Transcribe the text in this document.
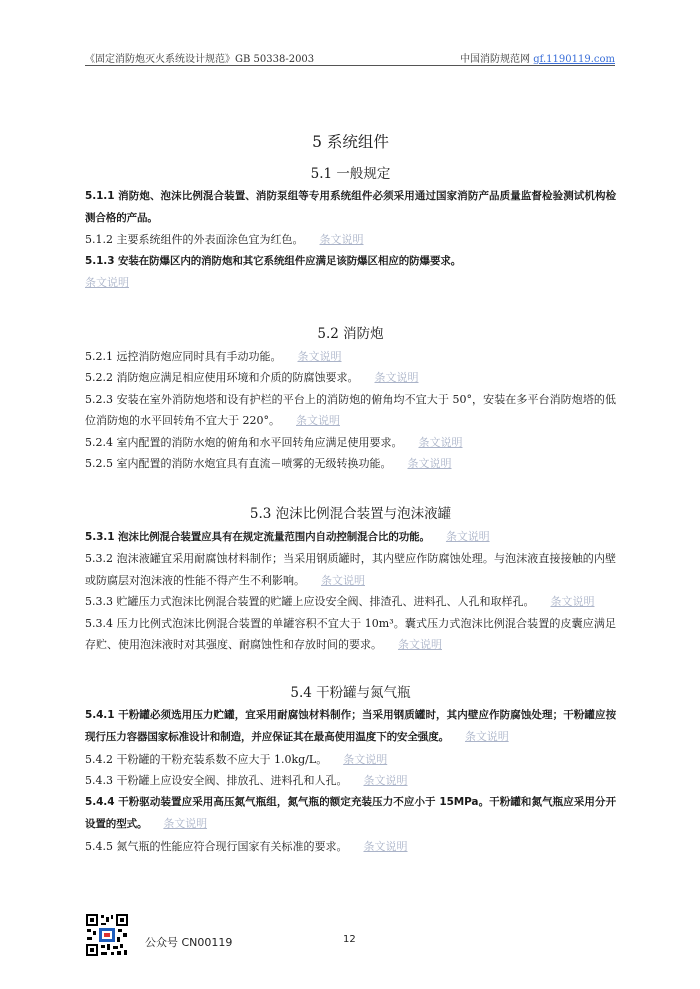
《固定消防炮灭火系统设计规范》GB 50338-2003	中国消防规范网 gf.1190119.com
5 系统组件
5.1 一般规定

5.1.1 消防炮、泡沫比例混合装置、消防泵组等专用系统组件必须采用通过国家消防产品质量监督检验测试机构检测合格的产品。

5.1.2 主要系统组件的外表面涂色宜为红色。 条文说明

5.1.3 安装在防爆区内的消防炮和其它系统组件应满足该防爆区相应的防爆要求。

条文说明

5.2 消防炮

5.2.1 远控消防炮应同时具有手动功能。 条文说明

5.2.2 消防炮应满足相应使用环境和介质的防腐蚀要求。 条文说明

5.2.3 安装在室外消防炮塔和设有护栏的平台上的消防炮的俯角均不宜大于 50°，安装在多平台消防炮塔的低位消防炮的水平回转角不宜大于 220°。 条文说明

5.2.4 室内配置的消防水炮的俯角和水平回转角应满足使用要求。 条文说明

5.2.5 室内配置的消防水炮宜具有直流－喷雾的无级转换功能。 条文说明

5.3 泡沫比例混合装置与泡沫液罐

5.3.1 泡沫比例混合装置应具有在规定流量范围内自动控制混合比的功能。 条文说明

5.3.2 泡沫液罐宜采用耐腐蚀材料制作；当采用钢质罐时，其内壁应作防腐蚀处理。与泡沫液直接接触的内壁或防腐层对泡沫液的性能不得产生不利影响。 条文说明

5.3.3 贮罐压力式泡沫比例混合装置的贮罐上应设安全阀、排渣孔、进料孔、人孔和取样孔。 条文说明

5.3.4 压力比例式泡沫比例混合装置的单罐容积不宜大于 10m³。囊式压力式泡沫比例混合装置的皮囊应满足存贮、使用泡沫液时对其强度、耐腐蚀性和存放时间的要求。 条文说明

5.4 干粉罐与氮气瓶

5.4.1 干粉罐必须选用压力贮罐，宜采用耐腐蚀材料制作；当采用钢质罐时，其内壁应作防腐蚀处理；干粉罐应按现行压力容器国家标准设计和制造，并应保证其在最高使用温度下的安全强度。 条文说明

5.4.2 干粉罐的干粉充装系数不应大于 1.0kg/L。 条文说明

5.4.3 干粉罐上应设安全阀、排放孔、进料孔和人孔。 条文说明

5.4.4 干粉驱动装置应采用高压氮气瓶组，氮气瓶的额定充装压力不应小于 15MPa。干粉罐和氮气瓶应采用分开设置的型式。 条文说明

5.4.5 氮气瓶的性能应符合现行国家有关标准的要求。 条文说明

公众号 CN00119	12
